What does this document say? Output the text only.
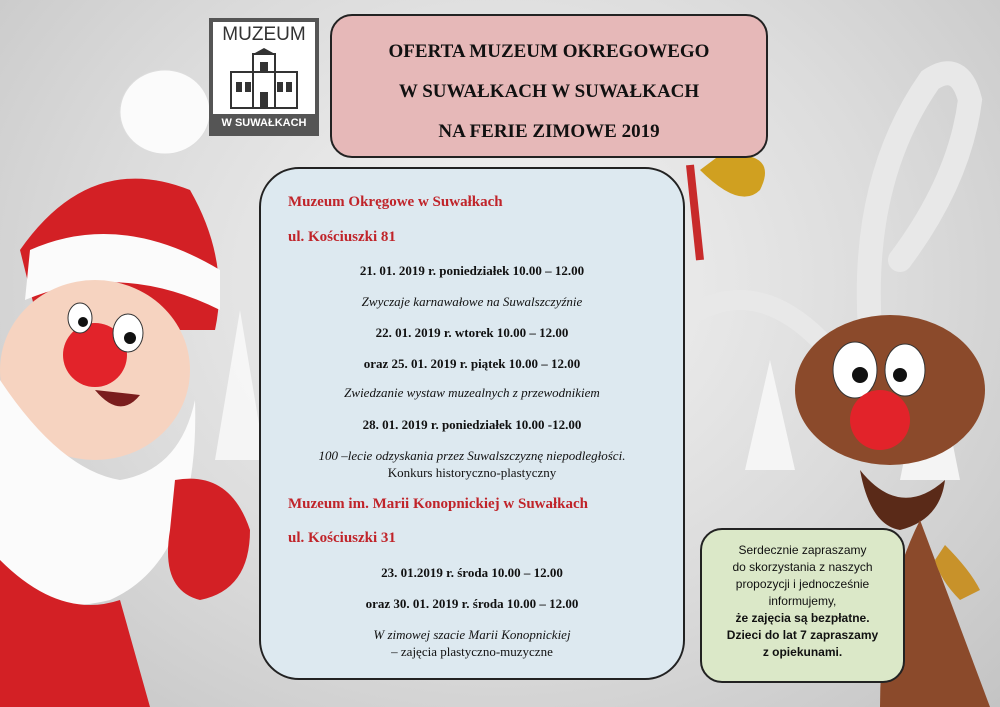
MUZEUM
W SUWAŁKACH
OFERTA MUZEUM OKREGOWEGO
W SUWAŁKACH W SUWAŁKACH
NA FERIE ZIMOWE 2019
Muzeum Okręgowe w Suwałkach
ul. Kościuszki 81
21. 01. 2019 r. poniedziałek 10.00 – 12.00
Zwyczaje karnawałowe na Suwalszczyźnie
22. 01. 2019 r. wtorek 10.00 – 12.00
oraz 25. 01. 2019 r. piątek 10.00 – 12.00
Zwiedzanie wystaw muzealnych z przewodnikiem
28. 01. 2019 r. poniedziałek 10.00 -12.00
100 –lecie odzyskania przez Suwalszczyznę niepodległości.
Konkurs historyczno-plastyczny
Muzeum im. Marii Konopnickiej w Suwałkach
ul. Kościuszki 31
23. 01.2019 r. środa 10.00 – 12.00
oraz 30. 01. 2019 r. środa 10.00 – 12.00
W zimowej szacie Marii Konopnickiej
– zajęcia plastyczno-muzyczne
Serdecznie zapraszamy
do skorzystania z naszych
propozycji i jednocześnie
informujemy,
że zajęcia są bezpłatne.
Dzieci do lat 7 zapraszamy
z opiekunami.
